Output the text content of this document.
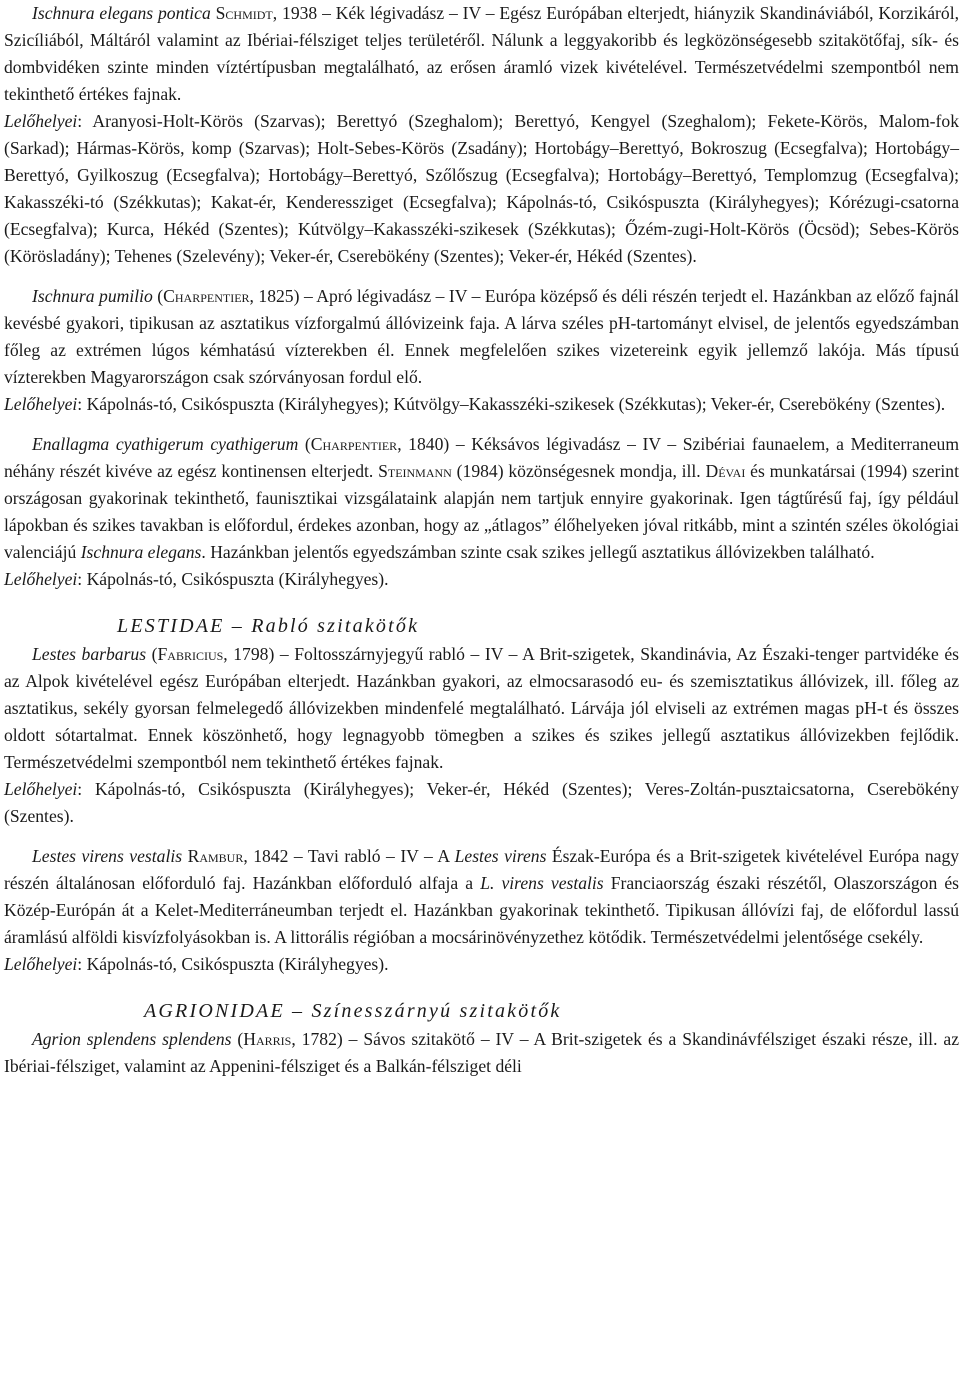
Ischnura elegans pontica Schmidt, 1938 – Kék légivadász – IV – Egész Európában elterjedt, hiányzik Skandináviából, Korzikáról, Szicíliából, Máltáról valamint az Ibériai-félsziget teljes területéről. Nálunk a leggyakoribb és legközönségesebb szitakötőfaj, sík- és dombvidéken szinte minden víztértípusban megtalálható, az erősen áramló vizek kivételével. Természetvédelmi szempontból nem tekinthető értékes fajnak.

Lelőhelyei: Aranyosi-Holt-Körös (Szarvas); Berettyó (Szeghalom); Berettyó, Kengyel (Szeghalom); Fekete-Körös, Malom-fok (Sarkad); Hármas-Körös, komp (Szarvas); Holt-Sebes-Körös (Zsadány); Hortobágy–Berettyó, Bokroszug (Ecsegfalva); Hortobágy–Berettyó, Gyilkoszug (Ecsegfalva); Hortobágy–Berettyó, Szőlőszug (Ecsegfalva); Hortobágy–Berettyó, Templomzug (Ecsegfalva); Kakasszéki-tó (Székkutas); Kakat-ér, Kenderessziget (Ecsegfalva); Kápolnás-tó, Csikóspuszta (Királyhegyes); Kórézugi-csatorna (Ecsegfalva); Kurca, Hékéd (Szentes); Kútvölgy–Kakasszéki-szikesek (Székkutas); Őzém-zugi-Holt-Körös (Öcsöd); Sebes-Körös (Körösladány); Tehenes (Szelevény); Veker-ér, Cserebökény (Szentes); Veker-ér, Hékéd (Szentes).

Ischnura pumilio (Charpentier, 1825) – Apró légivadász – IV – Európa középső és déli részén terjedt el. Hazánkban az előző fajnál kevésbé gyakori, tipikusan az asztatikus vízforgalmú állóvizeink faja. A lárva széles pH-tartományt elvisel, de jelentős egyedszámban főleg az extrémen lúgos kémhatású vízterekben él. Ennek megfelelően szikes vizetereink egyik jellemző lakója. Más típusú vízterekben Magyarországon csak szórványosan fordul elő.

Lelőhelyei: Kápolnás-tó, Csikóspuszta (Királyhegyes); Kútvölgy–Kakasszéki-szikesek (Székkutas); Veker-ér, Cserebökény (Szentes).

Enallagma cyathigerum cyathigerum (Charpentier, 1840) – Kéksávos légivadász – IV – Szibériai faunaelem, a Mediterraneum néhány részét kivéve az egész kontinensen elterjedt. Steinmann (1984) közönségesnek mondja, ill. Dévai és munkatársai (1994) szerint országosan gyakorinak tekinthető, faunisztikai vizsgálataink alapján nem tartjuk ennyire gyakorinak. Igen tágtűrésű faj, így például lápokban és szikes tavakban is előfordul, érdekes azonban, hogy az „átlagos” élőhelyeken jóval ritkább, mint a szintén széles ökológiai valenciájú Ischnura elegans. Hazánkban jelentős egyedszámban szinte csak szikes jellegű asztatikus állóvizekben található.

Lelőhelyei: Kápolnás-tó, Csikóspuszta (Királyhegyes).

LESTIDAE – Rabló szitakötők

Lestes barbarus (Fabricius, 1798) – Foltosszárnyjegyű rabló – IV – A Brit-szigetek, Skandinávia, Az Északi-tenger partvidéke és az Alpok kivételével egész Európában elterjedt. Hazánkban gyakori, az elmocsarasodó eu- és szemisztatikus állóvizek, ill. főleg az asztatikus, sekély gyorsan felmelegedő állóvizekben mindenfelé megtalálható. Lárvája jól elviseli az extrémen magas pH-t és összes oldott sótartalmat. Ennek köszönhető, hogy legnagyobb tömegben a szikes és szikes jellegű asztatikus állóvizekben fejlődik. Természetvédelmi szempontból nem tekinthető értékes fajnak.

Lelőhelyei: Kápolnás-tó, Csikóspuszta (Királyhegyes); Veker-ér, Hékéd (Szentes); Veres-Zoltán-pusztaicsatorna, Cserebökény (Szentes).

Lestes virens vestalis Rambur, 1842 – Tavi rabló – IV – A Lestes virens Észak-Európa és a Brit-szigetek kivételével Európa nagy részén általánosan előforduló faj. Hazánkban előforduló alfaja a L. virens vestalis Franciaország északi részétől, Olaszországon és Közép-Európán át a Kelet-Mediterráneumban terjedt el. Hazánkban gyakorinak tekinthető. Tipikusan állóvízi faj, de előfordul lassú áramlású alföldi kisvízfolyásokban is. A littorális régióban a mocsárinövényzethez kötődik. Természetvédelmi jelentősége csekély.

Lelőhelyei: Kápolnás-tó, Csikóspuszta (Királyhegyes).

AGRIONIDAE – Színesszárnyú szitakötők

Agrion splendens splendens (Harris, 1782) – Sávos szitakötő – IV – A Brit-szigetek és a Skandinávfélsziget északi része, ill. az Ibériai-félsziget, valamint az Appenini-félsziget és a Balkán-félsziget déli
